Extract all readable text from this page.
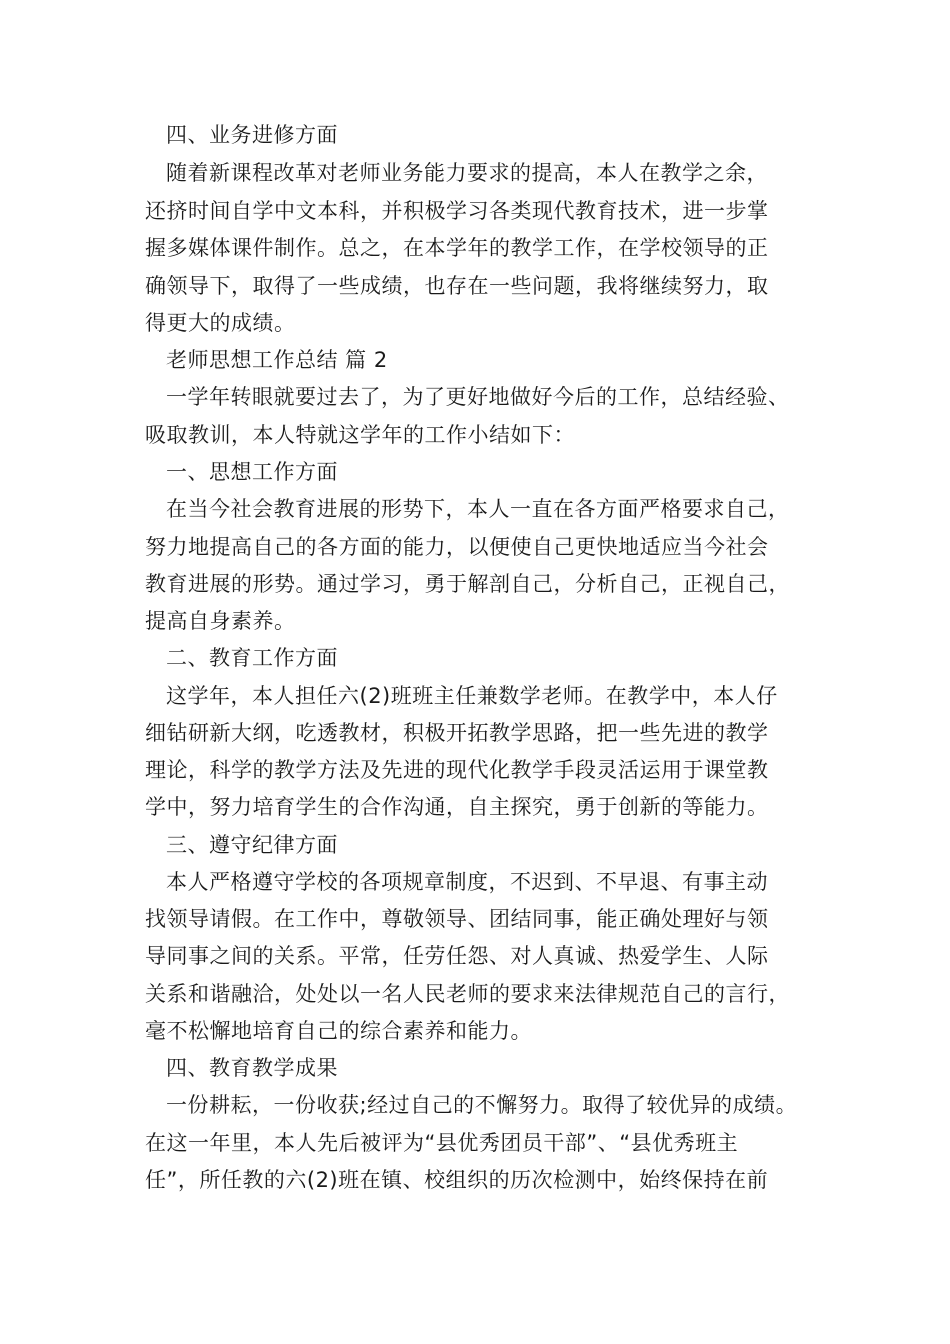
四、业务进修方面
随着新课程改革对老师业务能力要求的提高，本人在教学之余，
还挤时间自学中文本科，并积极学习各类现代教育技术，进一步掌
握多媒体课件制作。总之，在本学年的教学工作，在学校领导的正
确领导下，取得了一些成绩，也存在一些问题，我将继续努力，取
得更大的成绩。
老师思想工作总结 篇 2
一学年转眼就要过去了，为了更好地做好今后的工作，总结经验、
吸取教训，本人特就这学年的工作小结如下：
一、思想工作方面
在当今社会教育进展的形势下，本人一直在各方面严格要求自己，
努力地提高自己的各方面的能力，以便使自己更快地适应当今社会
教育进展的形势。通过学习，勇于解剖自己，分析自己，正视自己，
提高自身素养。
二、教育工作方面
这学年，本人担任六(2)班班主任兼数学老师。在教学中，本人仔
细钻研新大纲，吃透教材，积极开拓教学思路，把一些先进的教学
理论，科学的教学方法及先进的现代化教学手段灵活运用于课堂教
学中，努力培育学生的合作沟通，自主探究，勇于创新的等能力。
三、遵守纪律方面
本人严格遵守学校的各项规章制度，不迟到、不早退、有事主动
找领导请假。在工作中，尊敬领导、团结同事，能正确处理好与领
导同事之间的关系。平常，任劳任怨、对人真诚、热爱学生、人际
关系和谐融洽，处处以一名人民老师的要求来法律规范自己的言行，
毫不松懈地培育自己的综合素养和能力。
四、教育教学成果
一份耕耘，一份收获;经过自己的不懈努力。取得了较优异的成绩。
在这一年里，本人先后被评为“县优秀团员干部”、“县优秀班主
任”，所任教的六(2)班在镇、校组织的历次检测中，始终保持在前
